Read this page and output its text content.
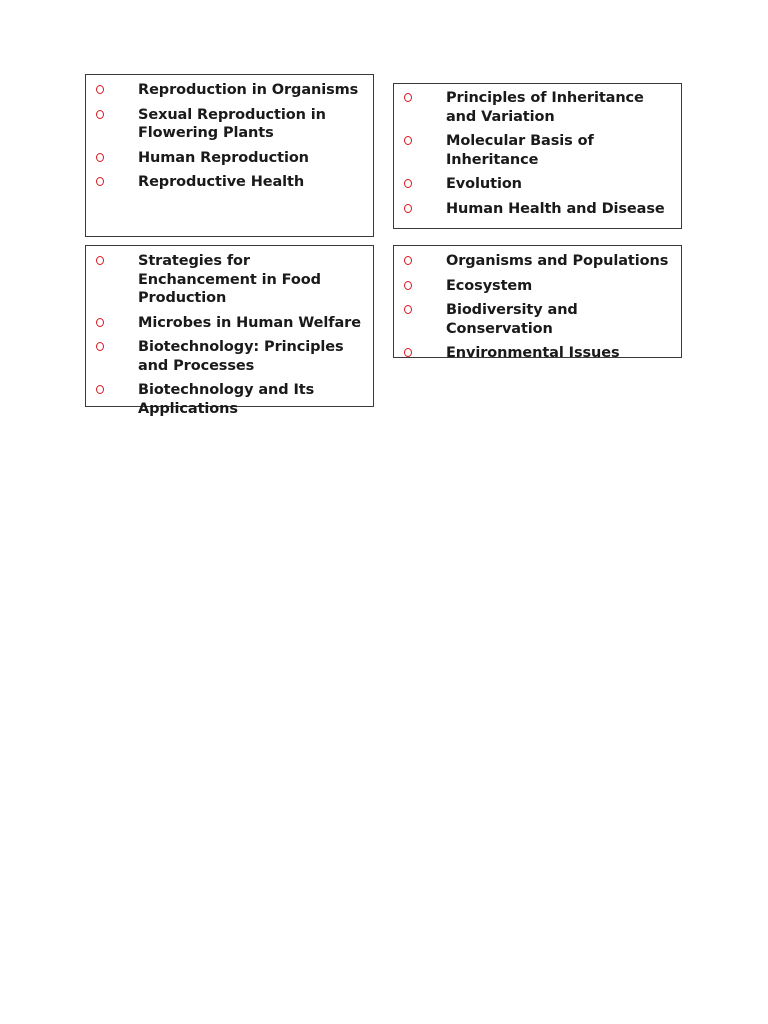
Reproduction in Organisms
Sexual Reproduction in Flowering Plants
Human Reproduction
Reproductive Health
Principles of Inheritance and Variation
Molecular Basis of Inheritance
Evolution
Human Health and Disease
Strategies for Enchancement in Food Production
Microbes in Human Welfare
Biotechnology: Principles and Processes
Biotechnology and Its Applications
Organisms and Populations
Ecosystem
Biodiversity and Conservation
Environmental Issues
